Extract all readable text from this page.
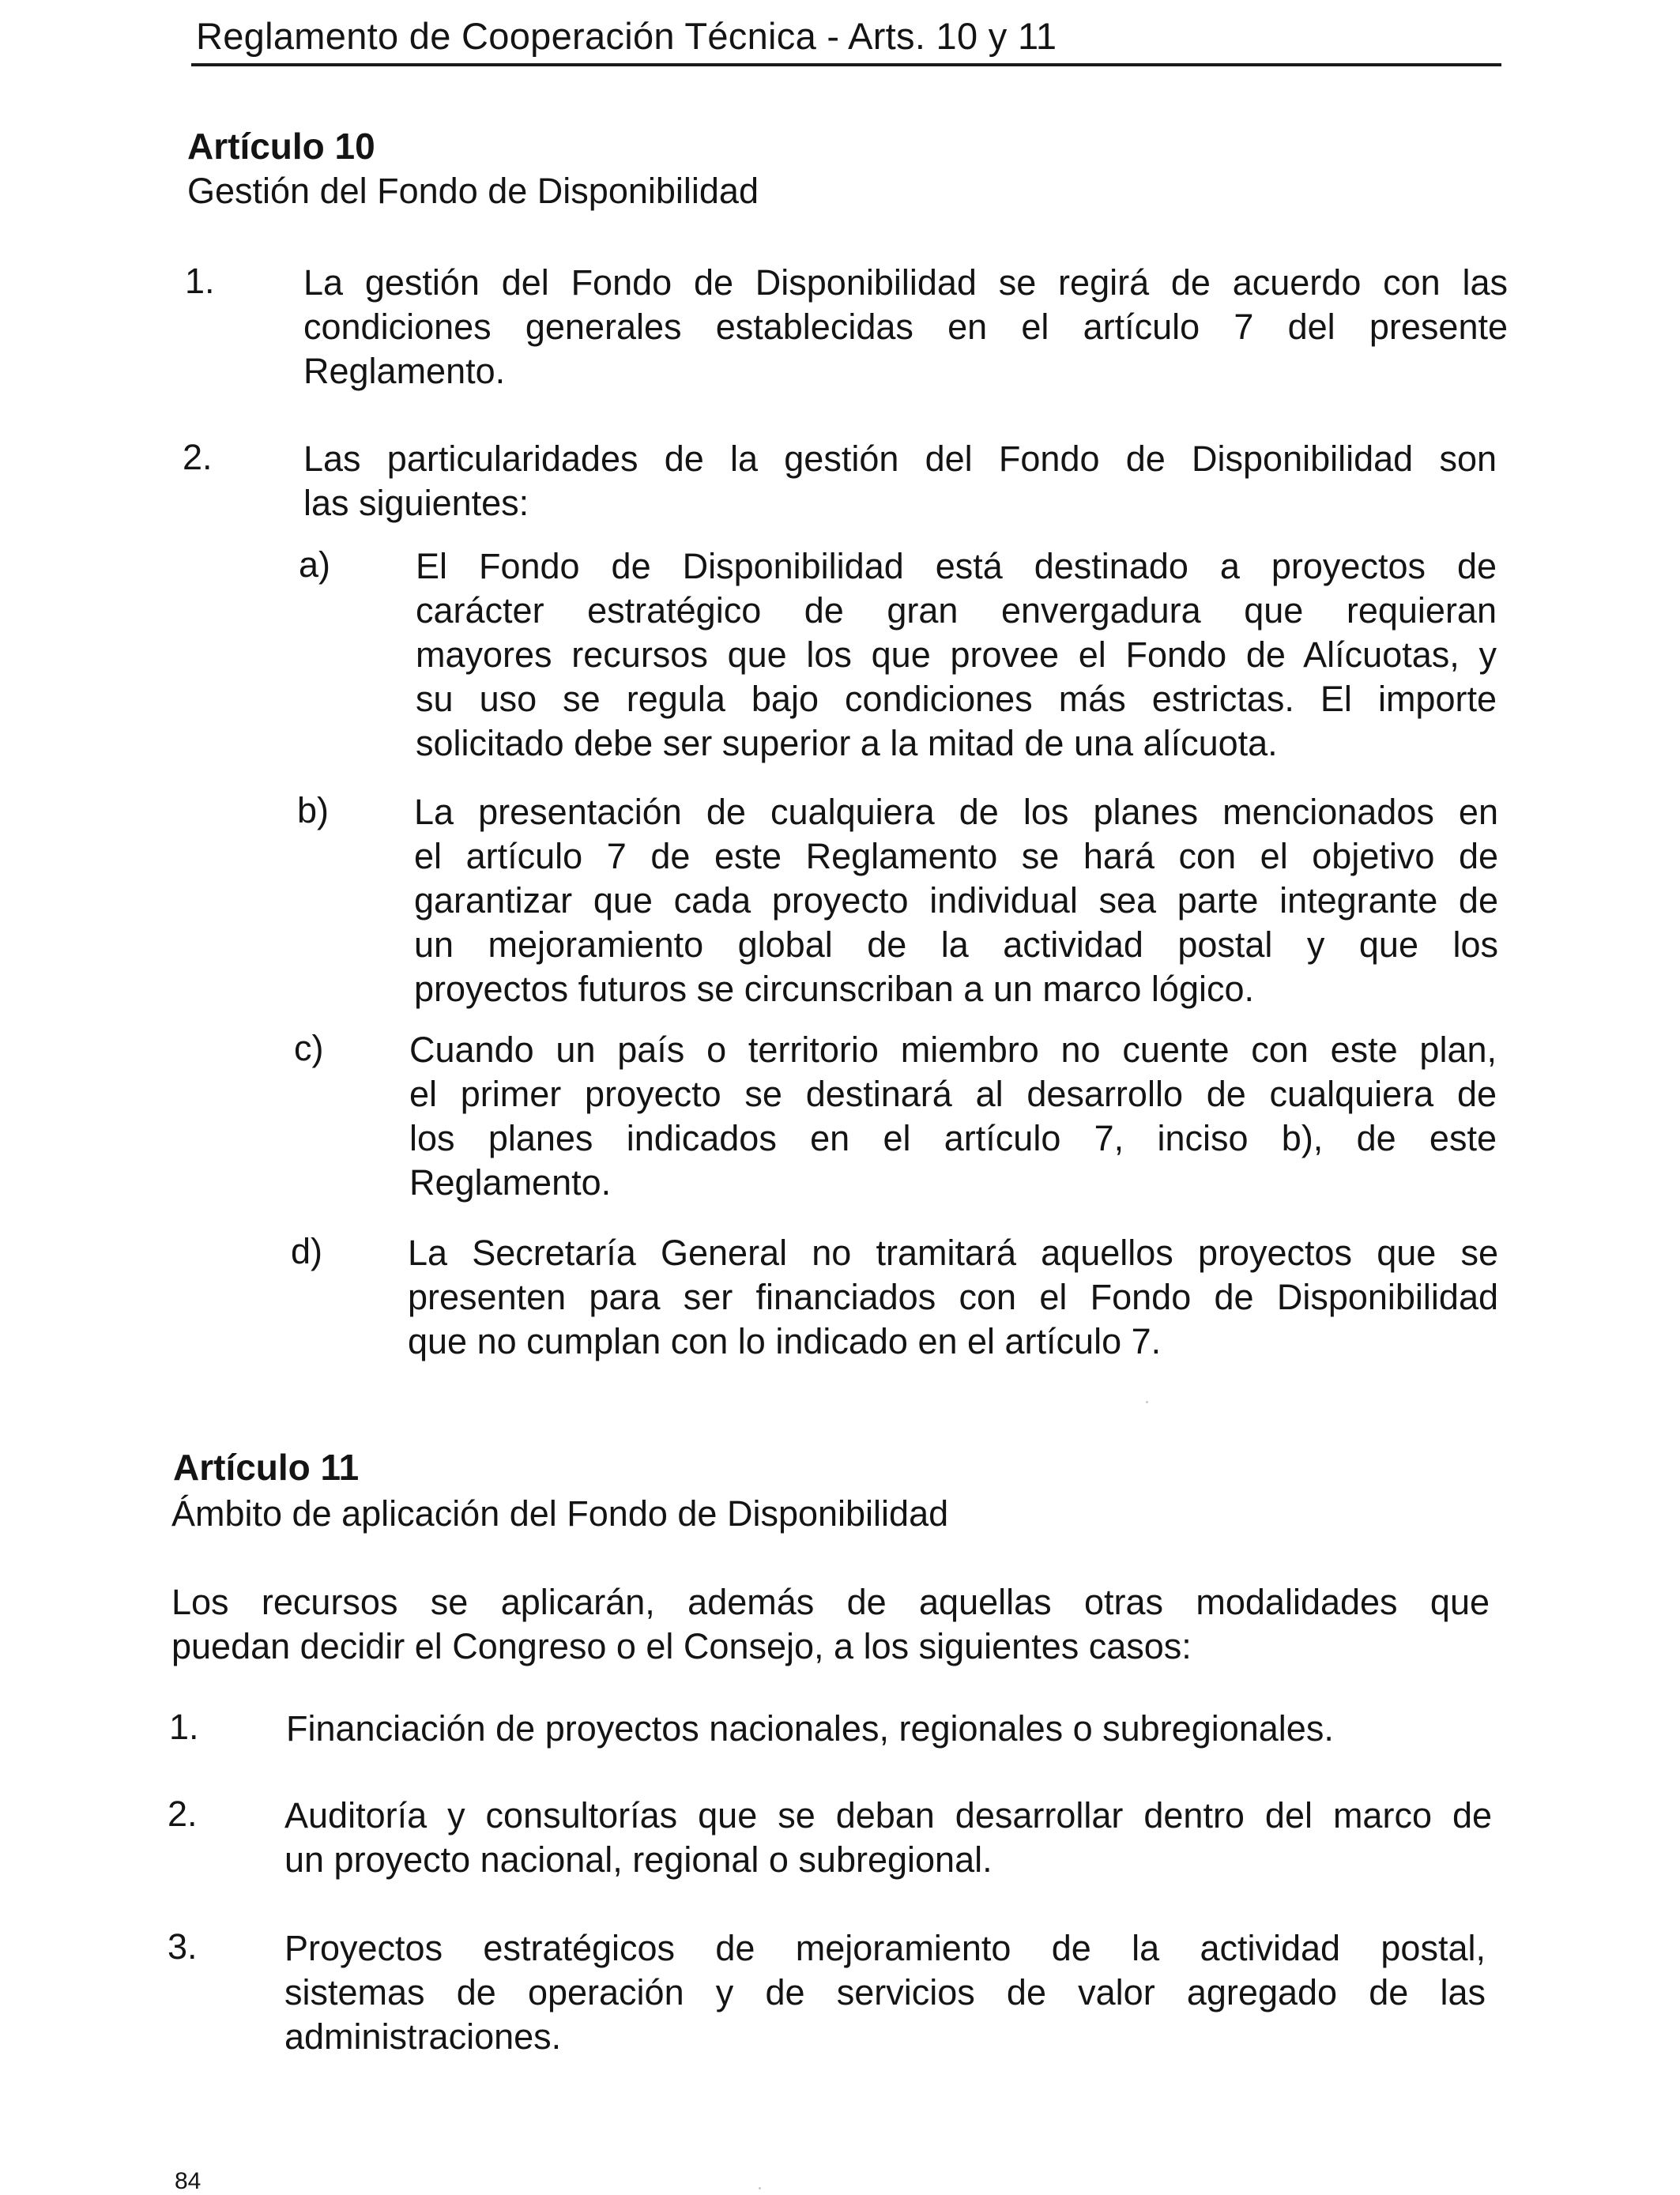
Reglamento de Cooperación Técnica - Arts. 10 y 11

Artículo 10

Gestión del Fondo de Disponibilidad

1. La gestión del Fondo de Disponibilidad se regirá de acuerdo con las
condiciones generales establecidas en el artículo 7 del presente
Reglamento.
2.	Las particularidades de la gestión del Fondo de Disponibilidad son
las siguientes:
a) El Fondo de Disponibilidad está destinado a proyectos de
carácter estratégico de gran envergadura que requieran
mayores recursos que los que provee el Fondo de Alícuotas, y
su uso se regula bajo condiciones más estrictas. El importe
solicitado debe ser superior a la mitad de una alícuota.
b) La presentación de cualquiera de los planes mencionados en
el artículo 7 de este Reglamento se hará con el objetivo de
garantizar que cada proyecto individual sea parte integrante de
un mejoramiento global de la actividad postal y que los
proyectos futuros se circunscriban a un marco lógico.
c) Cuando un país o territorio miembro no cuente con este plan,
el primer proyecto se destinará al desarrollo de cualquiera de
los planes indicados en el artículo 7, inciso b), de este
Reglamento.
d) La Secretaría General no tramitará aquellos proyectos que se
presenten para ser financiados con el Fondo de Disponibilidad
que no cumplan con lo indicado en el artículo 7.

Artículo 11

Ámbito de aplicación del Fondo de Disponibilidad

Los recursos se aplicarán, además de aquellas otras modalidades que
puedan decidir el Congreso o el Consejo, a los siguientes casos:
1. Financiación de proyectos nacionales, regionales o subregionales.
2. Auditoría y consultorías que se deban desarrollar dentro del marco de
un proyecto nacional, regional o subregional.
3. Proyectos estratégicos de mejoramiento de la actividad postal,
sistemas de operación y de servicios de valor agregado de las
administraciones.
84
